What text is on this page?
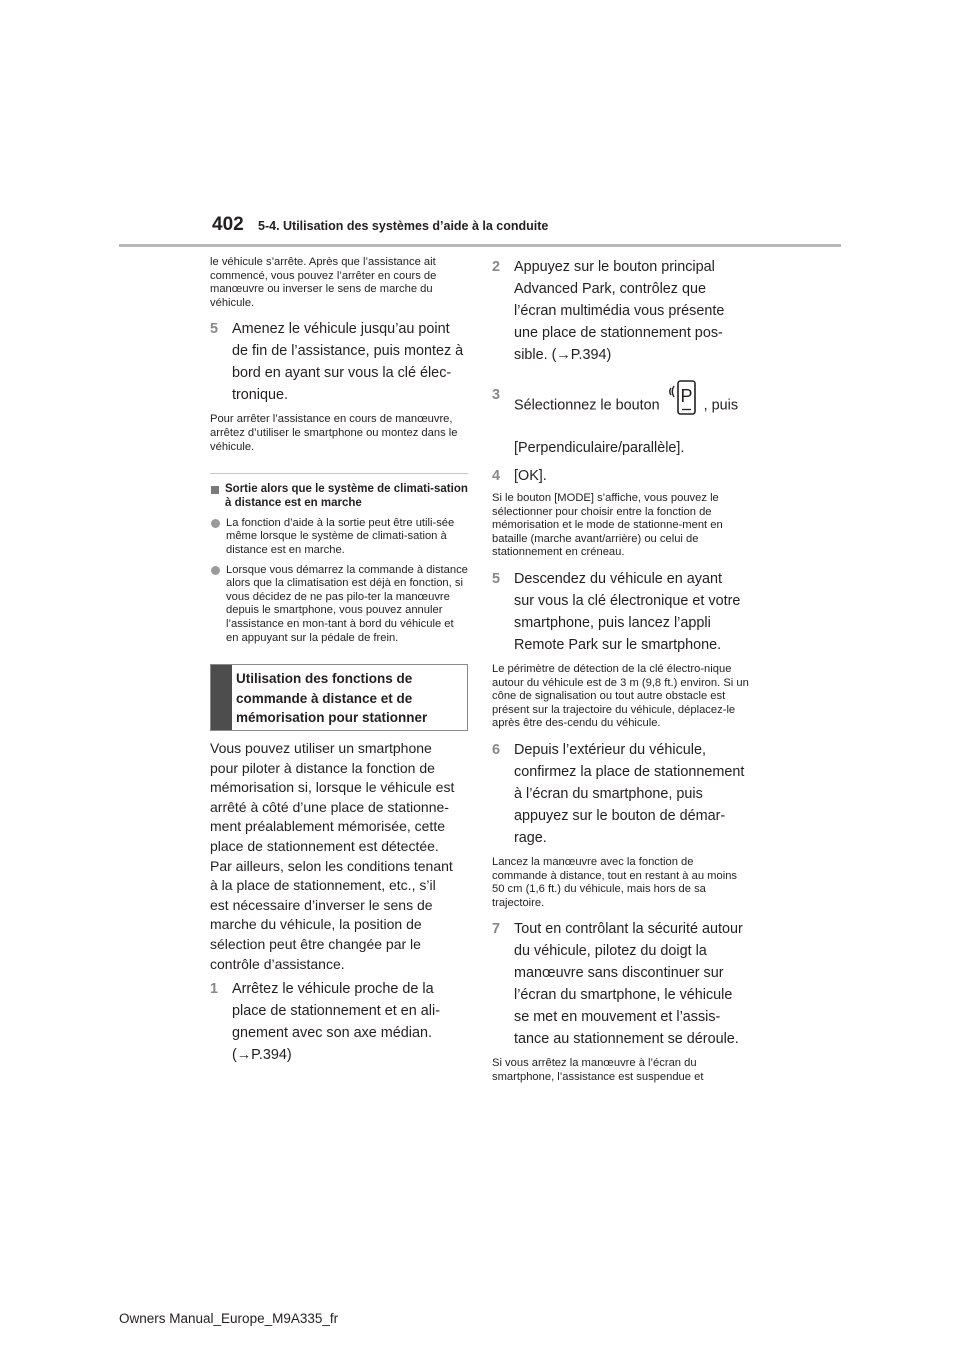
402 5-4. Utilisation des systèmes d’aide à la conduite

le véhicule s’arrête. Après que l’assistance ait commencé, vous pouvez l’arrêter en cours de manœuvre ou inverser le sens de marche du véhicule.

5 Amenez le véhicule jusqu’au point
de fin de l’assistance, puis montez à
bord en ayant sur vous la clé élec-
tronique.

Pour arrêter l’assistance en cours de manœuvre, arrêtez d’utiliser le smartphone ou montez dans le véhicule.

Sortie alors que le système de climati-sation à distance est en marche
La fonction d’aide à la sortie peut être utili-sée même lorsque le système de climati-sation à distance est en marche.
Lorsque vous démarrez la commande à distance alors que la climatisation est déjà en fonction, si vous décidez de ne pas pilo-ter la manœuvre depuis le smartphone, vous pouvez annuler l’assistance en mon-tant à bord du véhicule et en appuyant sur la pédale de frein.
Utilisation des fonctions de
commande à distance et de
mémorisation pour stationner
Vous pouvez utiliser un smartphone
pour piloter à distance la fonction de
mémorisation si, lorsque le véhicule est
arrêté à côté d’une place de stationne-
ment préalablement mémorisée, cette
place de stationnement est détectée.
Par ailleurs, selon les conditions tenant
à la place de stationnement, etc., s’il
est nécessaire d’inverser le sens de
marche du véhicule, la position de
sélection peut être changée par le
contrôle d’assistance.
1 Arrêtez le véhicule proche de la
place de stationnement et en ali-
gnement avec son axe médian.
(→P.394)
2 Appuyez sur le bouton principal
Advanced Park, contrôlez que
l’écran multimédia vous présente
une place de stationnement pos-
sible. (→P.394)
3
Sélectionnez le bouton P , puis
[Perpendiculaire/parallèle].
4 [OK].

Si le bouton [MODE] s’affiche, vous pouvez le sélectionner pour choisir entre la fonction de mémorisation et le mode de stationne-ment en bataille (marche avant/arrière) ou celui de stationnement en créneau.

5 Descendez du véhicule en ayant
sur vous la clé électronique et votre
smartphone, puis lancez l’appli
Remote Park sur le smartphone.

Le périmètre de détection de la clé électro-nique autour du véhicule est de 3 m (9,8 ft.) environ. Si un cône de signalisation ou tout autre obstacle est présent sur la trajectoire du véhicule, déplacez-le après être des-cendu du véhicule.

6 Depuis l’extérieur du véhicule,
confirmez la place de stationnement
à l’écran du smartphone, puis
appuyez sur le bouton de démar-
rage.

Lancez la manœuvre avec la fonction de commande à distance, tout en restant à au moins 50 cm (1,6 ft.) du véhicule, mais hors de sa trajectoire.

7 Tout en contrôlant la sécurité autour
du véhicule, pilotez du doigt la
manœuvre sans discontinuer sur
l’écran du smartphone, le véhicule
se met en mouvement et l’assis-
tance au stationnement se déroule.

Si vous arrêtez la manœuvre à l’écran du smartphone, l’assistance est suspendue et

Owners Manual_Europe_M9A335_fr
